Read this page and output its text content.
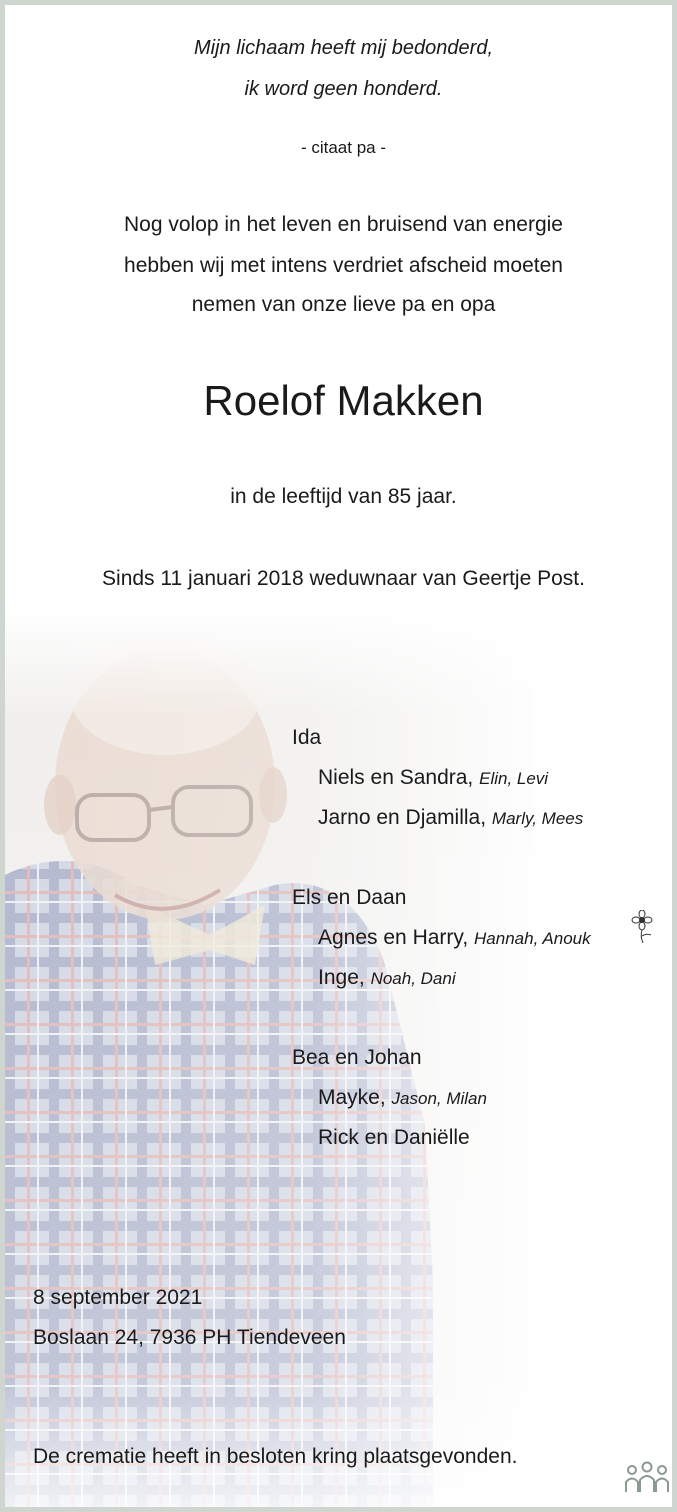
Mijn lichaam heeft mij bedonderd,

ik word geen honderd.

- citaat pa -

Nog volop in het leven en bruisend van energie

hebben wij met intens verdriet afscheid moeten

nemen van onze lieve pa en opa

Roelof Makken

in de leeftijd van 85 jaar.

Sinds 11 januari 2018 weduwnaar van Geertje Post.

Ida

Niels en Sandra, Elin, Levi

Jarno en Djamilla, Marly, Mees

Els en Daan

Agnes en Harry, Hannah, Anouk

Inge, Noah, Dani

Bea en Johan

Mayke, Jason, Milan

Rick en Daniëlle

8 september 2021

Boslaan 24, 7936 PH Tiendeveen

De crematie heeft in besloten kring plaatsgevonden.
